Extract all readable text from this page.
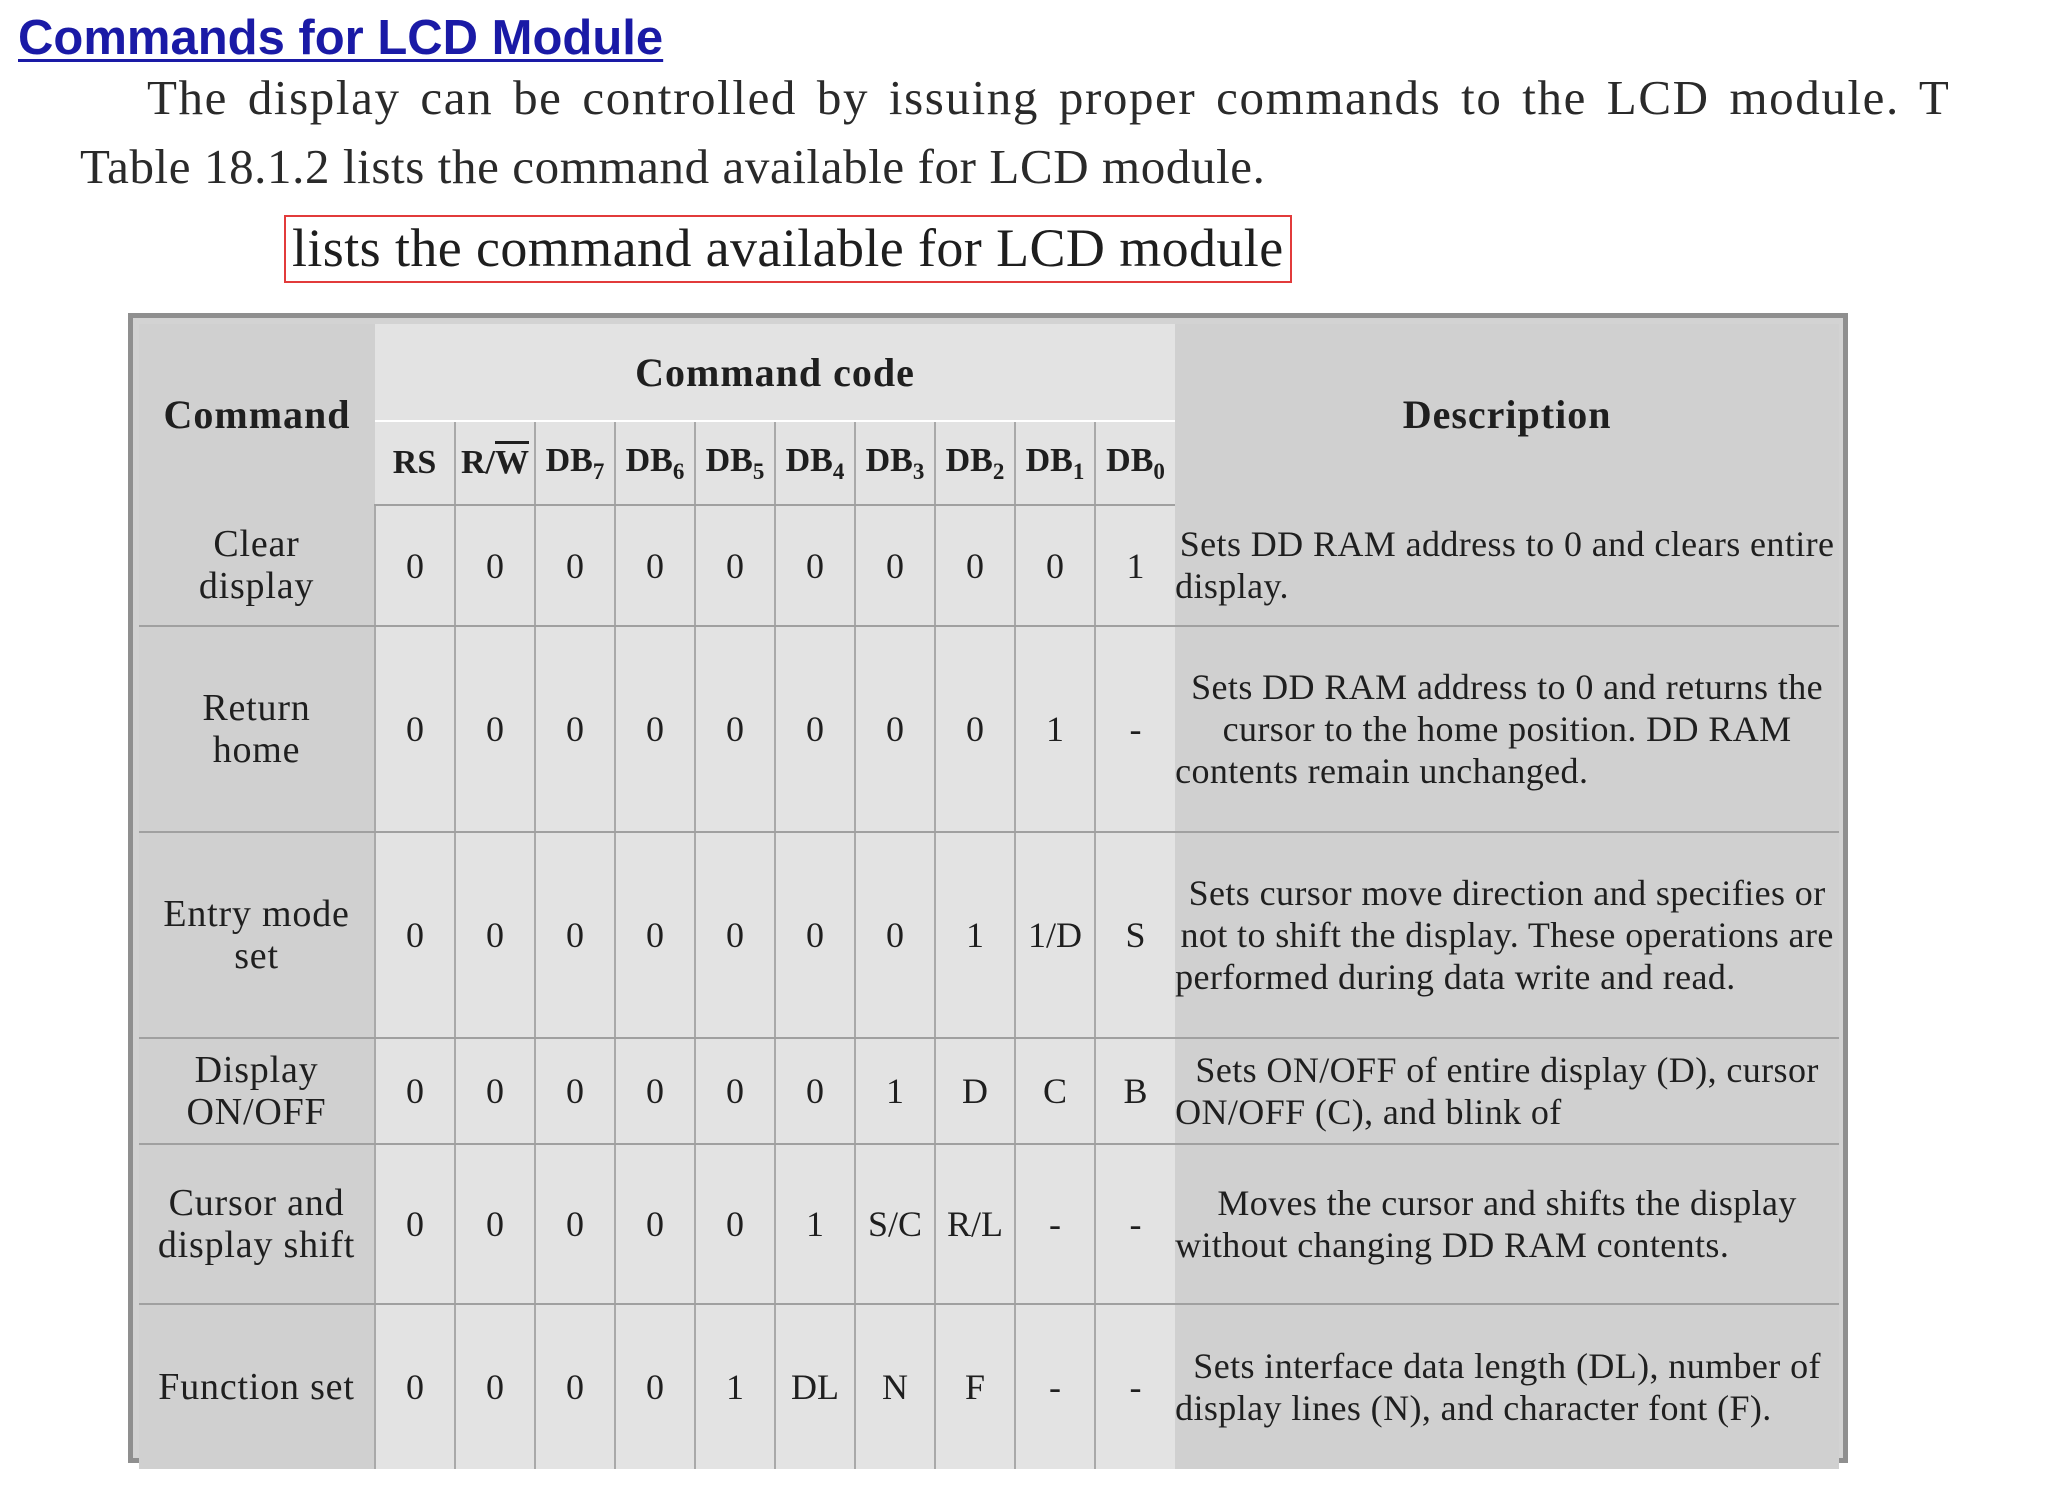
Commands for LCD Module
The display can be controlled by issuing proper commands to the LCD module. T
Table 18.1.2 lists the command available for LCD module.
lists the command available for LCD module
Command	Command code										Description
	RS	$R/\overline{W}$	$DB_7$	$DB_6$	$DB_5$	$DB_4$	$DB_3$	$DB_2$	$DB_1$	$DB_0$

Clear
display	0	0	0	0	0	0	0	0	0	1	Sets DD RAM address to 0 and clears entire display.

Return
home	0	0	0	0	0	0	0	0	1	-	Sets DD RAM address to 0 and returns the cursor to the home position. DD RAM contents remain unchanged.

Entry mode
set	0	0	0	0	0	0	0	1	1/D	S	Sets cursor move direction and specifies or not to shift the display. These operations are performed during data write and read.

Display
ON/OFF	0	0	0	0	0	0	1	D	C	B	Sets ON/OFF of entire display (D), cursor ON/OFF (C), and blink of

Cursor and
display shift	0	0	0	0	0	1	S/C	R/L	-	-	Moves the cursor and shifts the display without changing DD RAM contents.

Function set	0	0	0	0	1	DL	N	F	-	-	Sets interface data length (DL), number of display lines (N), and character font (F).
